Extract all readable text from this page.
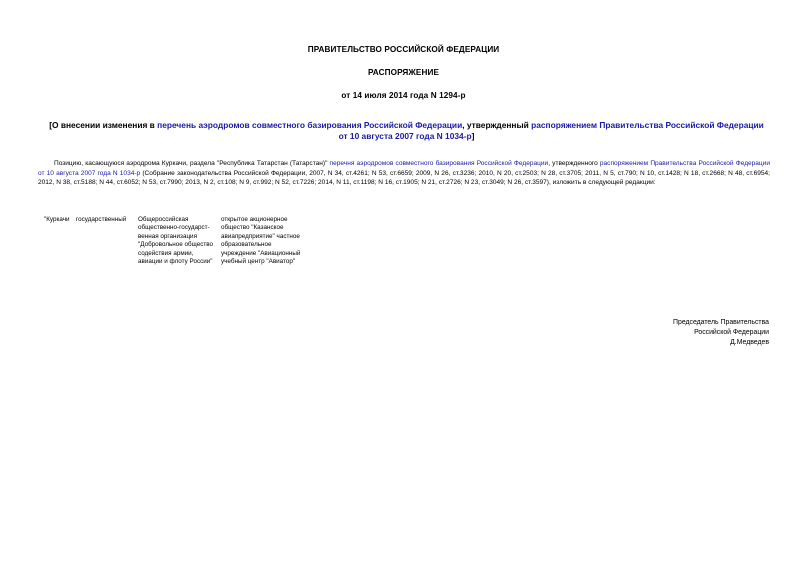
ПРАВИТЕЛЬСТВО РОССИЙСКОЙ ФЕДЕРАЦИИ
РАСПОРЯЖЕНИЕ
от 14 июля 2014 года N 1294-р
[О внесении изменения в перечень аэродромов совместного базирования Российской Федерации, утвержденный распоряжением Правительства Российской Федерации от 10 августа 2007 года N 1034-р]
Позицию, касающуюся аэродрома Куркачи, раздела "Республика Татарстан (Татарстан)" перечня аэродромов совместного базирования Российской Федерации, утвержденного распоряжением Правительства Российской Федерации от 10 августа 2007 года N 1034-р (Собрание законодательства Российской Федерации, 2007, N 34, ст.4261; N 53, ст.6659; 2009, N 26, ст.3236; 2010, N 20, ст.2503; N 28, ст.3705; 2011, N 5, ст.790; N 10, ст.1428; N 18, ст.2668; N 48, ст.6954; 2012, N 38, ст.5188; N 44, ст.6052; N 53, ст.7990; 2013, N 2, ст.108; N 9, ст.992; N 52, ст.7226; 2014, N 11, ст.1198; N 16, ст.1905; N 21, ст.2726; N 23, ст.3049; N 26, ст.3597), изложить в следующей редакции:
"Куркачи	государственный	Общероссийская общественно-государст-венная организация "Добровольное общество содействия армии, авиации и флоту России"
открытое акционерное общество "Казанское авиапредприятие" частное образовательное учреждение "Авиационный учебный центр "Авиатор"
Председатель Правительства
Российской Федерации
Д.Медведев
